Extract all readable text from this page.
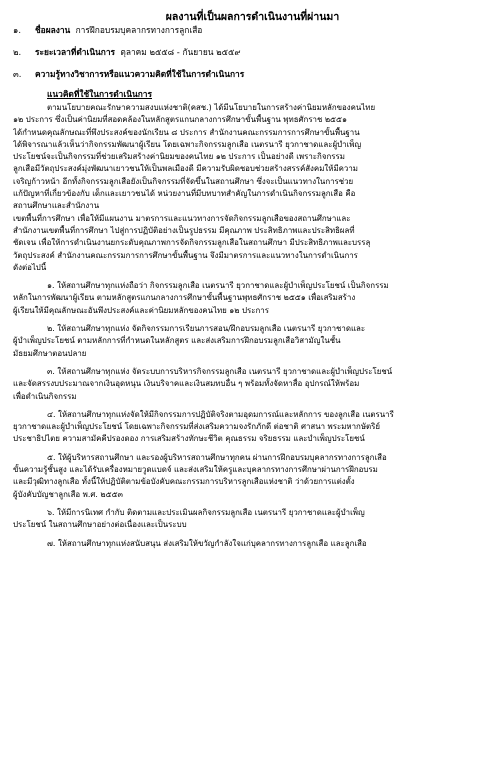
ผลงานที่เป็นผลการดำเนินงานที่ผ่านมา
๑. ชื่อผลงาน การฝึกอบรมบุคลากรทางการลูกเสือ
๒. ระยะเวลาที่ดำเนินการ ตุลาคม ๒๕๕๘ - กันยายน ๒๕๕๙
๓. ความรู้ทางวิชาการหรือแนวความคิดที่ใช้ในการดำเนินการ
แนวคิดที่ใช้ในการดำเนินการ
ตามนโยบายคณะรักษาความสงบแห่งชาติ(คสช.) ได้มีนโยบายในการสร้างค่านิยมหลักของคนไทย
๑๒ ประการ ซึ่งเป็นค่านิยมที่สอดคล้องในหลักสูตรแกนกลางการศึกษาขั้นพื้นฐาน พุทธศักราช ๒๕๕๑
ได้กำหนดคุณลักษณะที่พึงประสงค์ของนักเรียน ๘ ประการ สำนักงานคณะกรรมการการศึกษาขั้นพื้นฐาน
ได้พิจารณาแล้วเห็นว่ากิจกรรมพัฒนาผู้เรียน โดยเฉพาะกิจกรรมลูกเสือ เนตรนารี ยุวกาชาดและผู้บำเพ็ญ
ประโยชน์จะเป็นกิจกรรมที่ช่วยเสริมสร้างค่านิยมของคนไทย ๑๒ ประการ เป็นอย่างดี เพราะกิจกรรม
ลูกเสือมีวัตถุประสงค์มุ่งพัฒนาเยาวชนให้เป็นพลเมืองดี มีความรับผิดชอบช่วยสร้างสรรค์สังคมให้มีความ
เจริญก้าวหน้า อีกทั้งกิจกรรมลูกเสือยังเป็นกิจกรรมที่จัดขึ้นในสถานศึกษา ซึ่งจะเป็นแนวทางในการช่วย
แก้ปัญหาที่เกี่ยวข้องกับ เด็กและเยาวชนได้ หน่วยงานที่มีบทบาทสำคัญในการดำเนินกิจกรรมลูกเสือ คือ
สถานศึกษาและสำนักงาน
เขตพื้นที่การศึกษา เพื่อให้มีแผนงาน มาตรการและแนวทางการจัดกิจกรรมลูกเสือของสถานศึกษาและ
สำนักงานเขตพื้นที่การศึกษา ไปสู่การปฏิบัติอย่างเป็นรูปธรรม มีคุณภาพ ประสิทธิภาพและประสิทธิผลที่
ชัดเจน เพื่อให้การดำเนินงานยกระดับคุณภาพการจัดกิจกรรมลูกเสือในสถานศึกษา มีประสิทธิภาพและบรรลุ
วัตถุประสงค์ สำนักงานคณะกรรมการการศึกษาขั้นพื้นฐาน จึงมีมาตรการและแนวทางในการดำเนินการ
ดังต่อไปนี้
๑. ให้สถานศึกษาทุกแห่งถือว่า กิจกรรมลูกเสือ เนตรนารี ยุวกาชาดและผู้บำเพ็ญประโยชน์ เป็นกิจกรรม
หลักในการพัฒนาผู้เรียน ตามหลักสูตรแกนกลางการศึกษาขั้นพื้นฐานพุทธศักราช ๒๕๕๑ เพื่อเสริมสร้าง
ผู้เรียนให้มีคุณลักษณะอันพึงประสงค์และค่านิยมหลักของคนไทย ๑๒ ประการ
๒. ให้สถานศึกษาทุกแห่ง จัดกิจกรรมการเรียนการสอน/ฝึกอบรมลูกเสือ เนตรนารี ยุวกาชาดและ
ผู้บำเพ็ญประโยชน์ ตามหลักการที่กำหนดในหลักสูตร และส่งเสริมการฝึกอบรมลูกเสือวิสามัญในชั้น
มัธยมศึกษาตอนปลาย
๓. ให้สถานศึกษาทุกแห่ง จัดระบบการบริหารกิจกรรมลูกเสือ เนตรนารี ยุวกาชาดและผู้บำเพ็ญประโยชน์
และจัดสรรงบประมาณจากเงินอุดหนุน เงินบริจาคและเงินสมทบอื่น ๆ พร้อมทั้งจัดหาสื่อ อุปกรณ์ให้พร้อม
เพื่อดำเนินกิจกรรม
๔. ให้สถานศึกษาทุกแห่งจัดให้มีกิจกรรมการปฏิบัติจริงตามอุดมการณ์และหลักการ ของลูกเสือ เนตรนารี
ยุวกาชาดและผู้บำเพ็ญประโยชน์ โดยเฉพาะกิจกรรมที่ส่งเสริมความจงรักภักดี ต่อชาติ ศาสนา พระมหากษัตริย์
ประชาธิปไตย ความสามัคคีปรองดอง การเสริมสร้างทักษะชีวิต คุณธรรม จริยธรรม และบำเพ็ญประโยชน์
๕. ให้ผู้บริหารสถานศึกษา และรองผู้บริหารสถานศึกษาทุกคน ผ่านการฝึกอบรมบุคลากรทางการลูกเสือ
ขั้นความรู้ชั้นสูง และได้รับเครื่องหมายวูดแบดจ์ และส่งเสริมให้ครูและบุคลากรทางการศึกษาผ่านการฝึกอบรม
และมีวุฒิทางลูกเสือ ทั้งนี้ให้ปฏิบัติตามข้อบังคับคณะกรรมการบริหารลูกเสือแห่งชาติ ว่าด้วยการแต่งตั้ง
ผู้บังคับบัญชาลูกเสือ พ.ศ. ๒๕๕๓
๖. ให้มีการนิเทศ กำกับ ติดตามและประเมินผลกิจกรรมลูกเสือ เนตรนารี ยุวกาชาดและผู้บำเพ็ญ
ประโยชน์ ในสถานศึกษาอย่างต่อเนื่องและเป็นระบบ
๗. ให้สถานศึกษาทุกแห่งสนับสนุน ส่งเสริมให้ขวัญกำลังใจแก่บุคลากรทางการลูกเสือ และลูกเสือ
